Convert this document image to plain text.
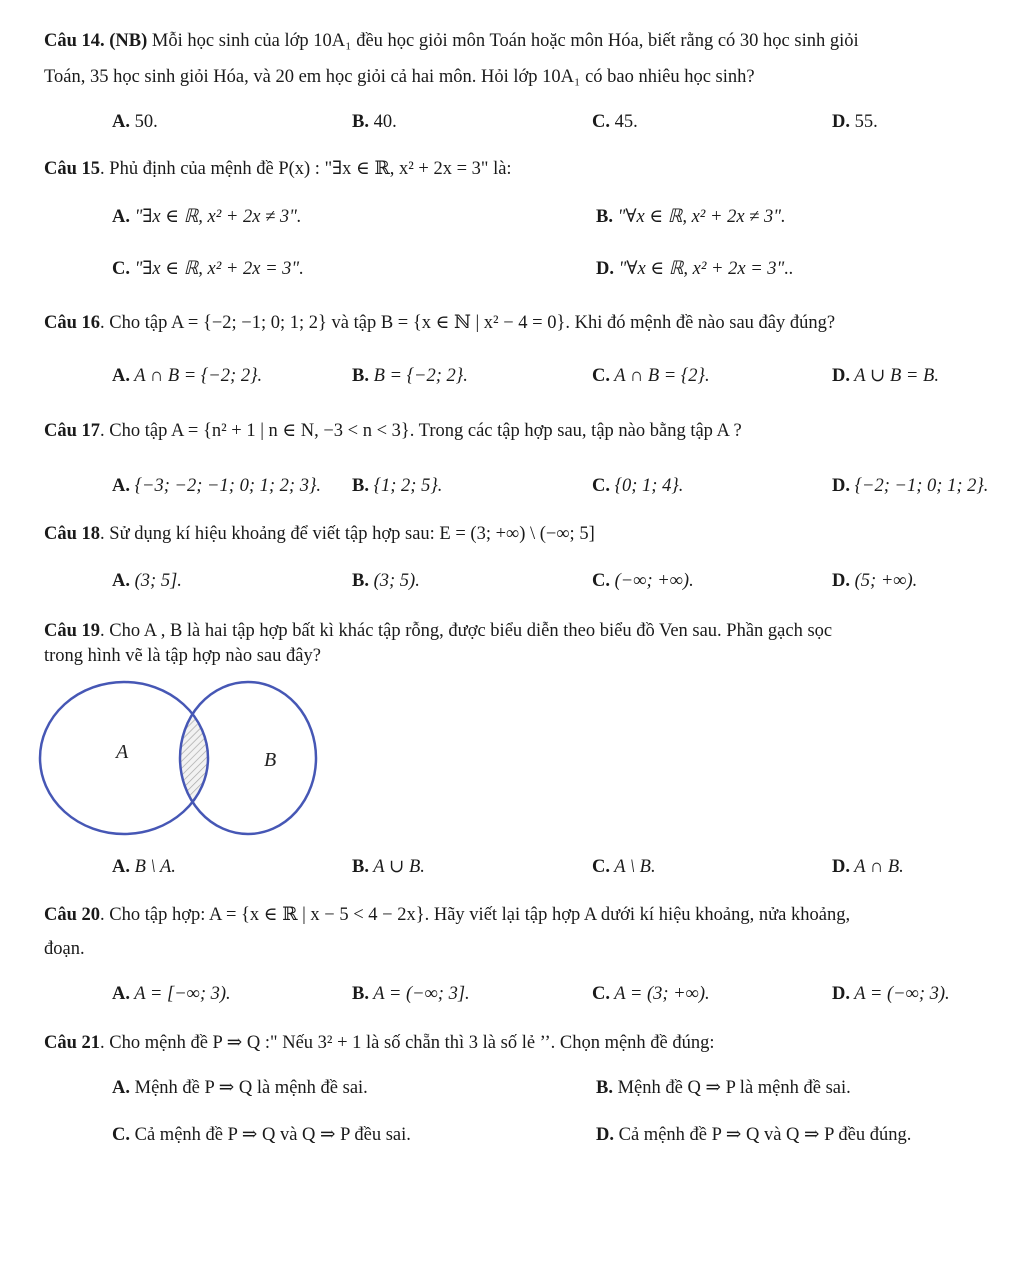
Câu 14. (NB) Mỗi học sinh của lớp 10A₁ đều học giỏi môn Toán hoặc môn Hóa, biết rằng có 30 học sinh giỏi
Toán, 35 học sinh giỏi Hóa, và 20 em học giỏi cả hai môn. Hỏi lớp 10A₁ có bao nhiêu học sinh?
A. 50.	B. 40.	C. 45.	D. 55.
Câu 15. Phủ định của mệnh đề P(x) : "∃x ∈ ℝ, x² + 2x = 3" là:
A. "∃x ∈ ℝ, x² + 2x ≠ 3".	B. "∀x ∈ ℝ, x² + 2x ≠ 3".
C. "∃x ∈ ℝ, x² + 2x = 3".	D. "∀x ∈ ℝ, x² + 2x = 3"..
Câu 16. Cho tập A = {−2; −1; 0; 1; 2} và tập B = {x ∈ ℕ | x² − 4 = 0}. Khi đó mệnh đề nào sau đây đúng?
A. A ∩ B = {−2; 2}.	B. B = {−2; 2}.	C. A ∩ B = {2}.	D. A ∪ B = B.
Câu 17. Cho tập A = {n² + 1 | n ∈ N, −3 < n < 3}. Trong các tập hợp sau, tập nào bằng tập A ?
A. {−3; −2; −1; 0; 1; 2; 3}.	B. {1; 2; 5}.	C. {0; 1; 4}.	D. {−2; −1; 0; 1; 2}.
Câu 18. Sử dụng kí hiệu khoảng để viết tập hợp sau: E = (3; +∞) \ (−∞; 5]
A. (3; 5].	B. (3; 5).	C. (−∞; +∞).	D. (5; +∞).
Câu 19. Cho A , B là hai tập hợp bất kì khác tập rỗng, được biểu diễn theo biểu đồ Ven sau. Phần gạch sọc
trong hình vẽ là tập hợp nào sau đây?
A	B
A. B \ A.	B. A ∪ B.	C. A \ B.	D. A ∩ B.
Câu 20. Cho tập hợp: A = {x ∈ ℝ | x − 5 < 4 − 2x}. Hãy viết lại tập hợp A dưới kí hiệu khoảng, nửa khoảng,
đoạn.
A. A = [−∞; 3).	B. A = (−∞; 3].	C. A = (3; +∞).	D. A = (−∞; 3).
Câu 21. Cho mệnh đề P ⇒ Q :" Nếu 3² + 1 là số chẵn thì 3 là số lẻ ’’. Chọn mệnh đề đúng:
A. Mệnh đề P ⇒ Q là mệnh đề sai.	B. Mệnh đề Q ⇒ P là mệnh đề sai.
C. Cả mệnh đề P ⇒ Q và Q ⇒ P đều sai.	D. Cả mệnh đề P ⇒ Q và Q ⇒ P đều đúng.
